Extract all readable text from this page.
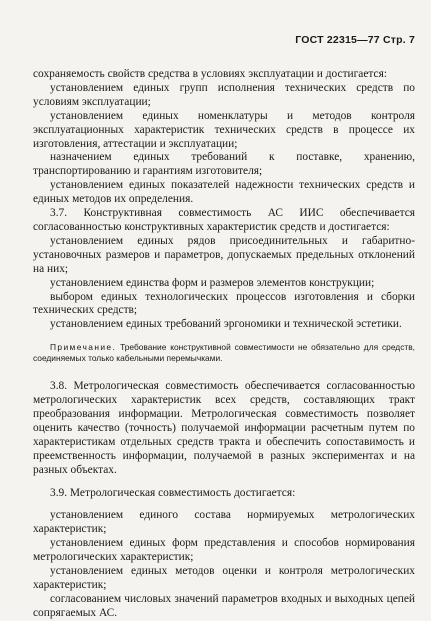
ГОСТ 22315—77 Стр. 7

сохраняемость свойств средства в условиях эксплуатации и достигается:

установлением единых групп исполнения технических средств по условиям эксплуатации;

установлением единых номенклатуры и методов контроля эксплуатационных характеристик технических средств в процессе их изготовления, аттестации и эксплуатации;

назначением единых требований к поставке, хранению, транспортированию и гарантиям изготовителя;

установлением единых показателей надежности технических средств и единых методов их определения.

3.7. Конструктивная совместимость АС ИИС обеспечивается согласованностью конструктивных характеристик средств и достигается:

установлением единых рядов присоединительных и габаритно-установочных размеров и параметров, допускаемых предельных отклонений на них;

установлением единства форм и размеров элементов конструкции;

выбором единых технологических процессов изготовления и сборки технических средств;

установлением единых требований эргономики и технической эстетики.

Примечание. Требование конструктивной совместимости не обязательно для средств, соединяемых только кабельными перемычками.

3.8. Метрологическая совместимость обеспечивается согласованностью метрологических характеристик всех средств, составляющих тракт преобразования информации. Метрологическая совместимость позволяет оценить качество (точность) получаемой информации расчетным путем по характеристикам отдельных средств тракта и обеспечить сопоставимость и преемственность информации, получаемой в разных экспериментах и на разных объектах.

3.9. Метрологическая совместимость достигается:

установлением единого состава нормируемых метрологических характеристик;

установлением единых форм представления и способов нормирования метрологических характеристик;

установлением единых методов оценки и контроля метрологических характеристик;

согласованием числовых значений параметров входных и выходных цепей сопрягаемых АС.
